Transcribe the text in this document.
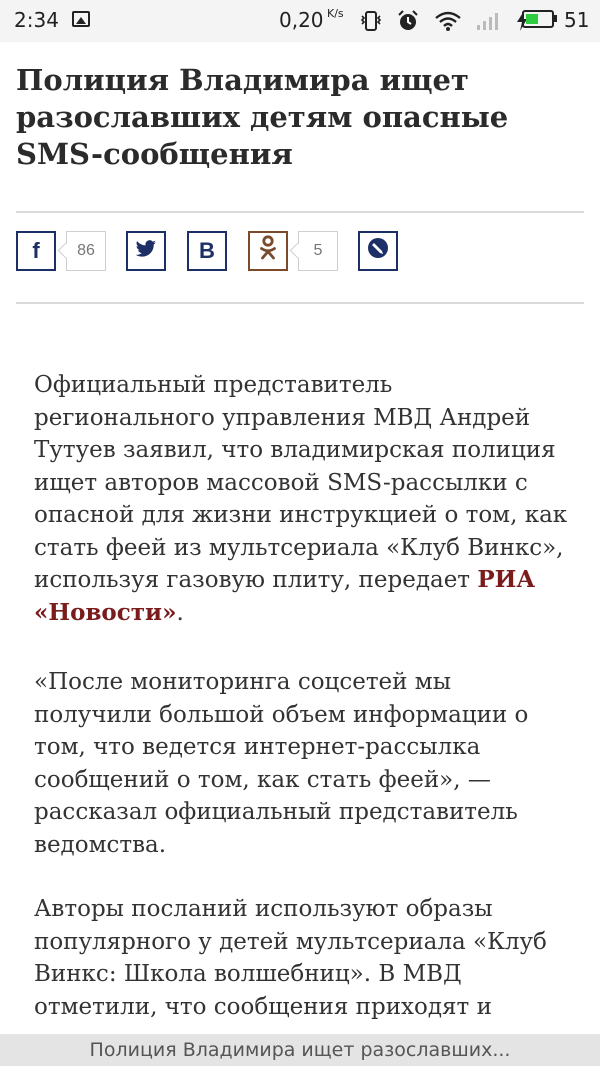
2:34	0,20 K/s
	51
Полиция Владимира ищет разославших детям опасные SMS-сообщения
f	86	B	5

Официальный представитель регионального управления МВД Андрей Тутуев заявил, что владимирская полиция ищет авторов массовой SMS-рассылки с опасной для жизни инструкцией о том, как стать феей из мультсериала «Клуб Винкс», используя газовую плиту, передает РИА «Новости».

«После мониторинга соцсетей мы получили большой объем информации о том, что ведется интернет-рассылка сообщений о том, как стать феей», — рассказал официальный представитель ведомства.

Авторы посланий используют образы популярного у детей мультсериала «Клуб Винкс: Школа волшебниц». В МВД отметили, что сообщения приходят и

Полиция Владимира ищет разославших...
